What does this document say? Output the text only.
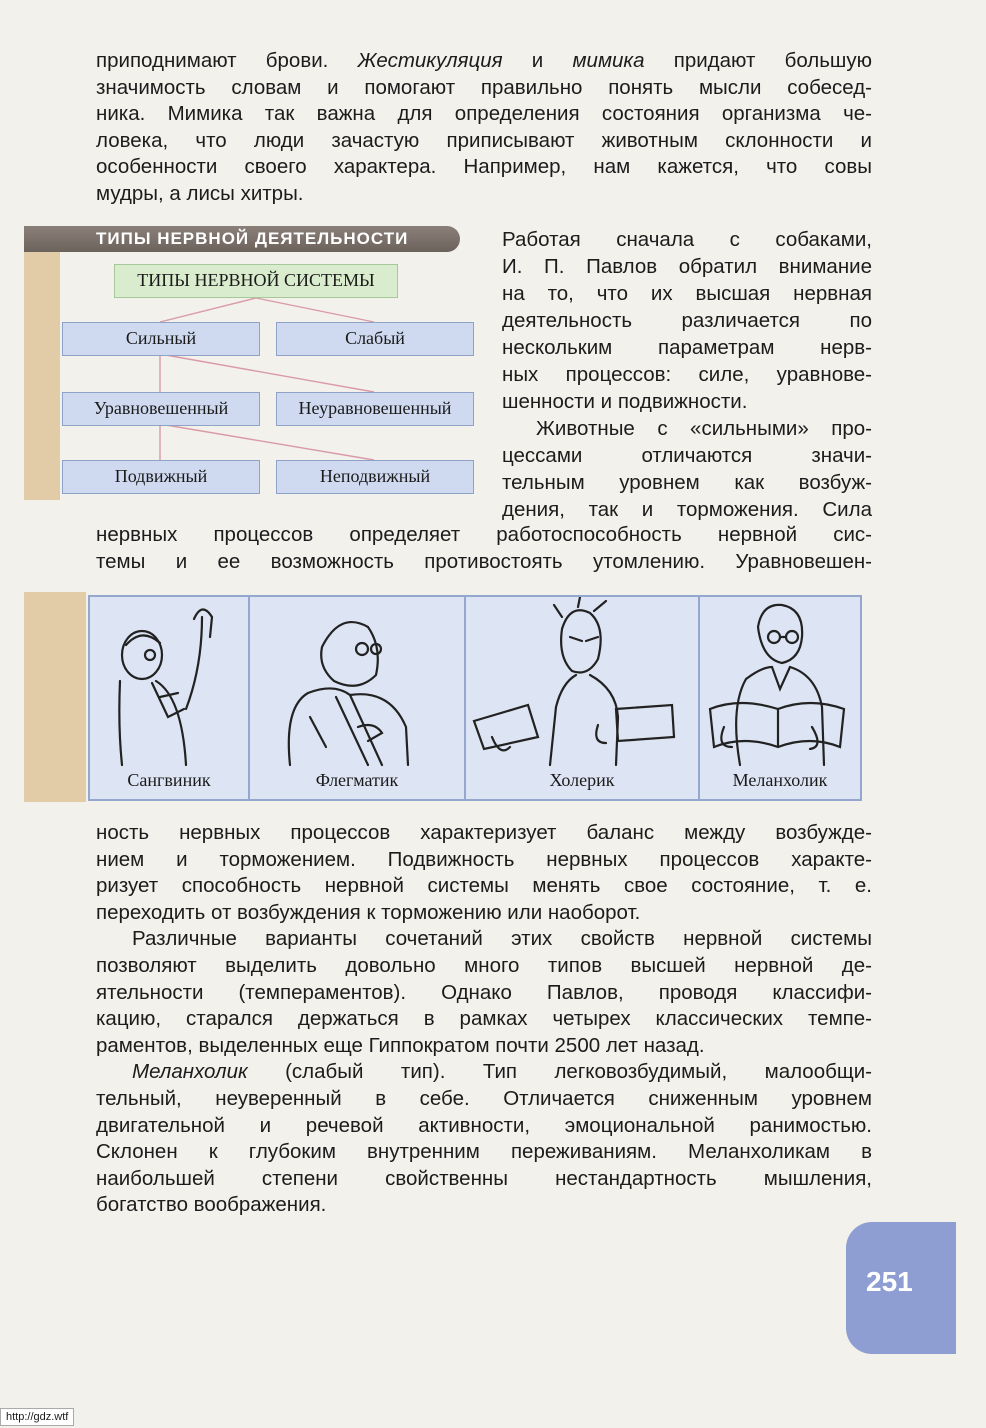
приподнимают брови. Жестикуляция и мимика придают большую
значимость словам и помогают правильно понять мысли собесед-
ника. Мимика так важна для определения состояния организма че-
ловека, что люди зачастую приписывают животным склонности и
особенности своего характера. Например, нам кажется, что совы
мудры, а лисы хитры.
ТИПЫ НЕРВНОЙ ДЕЯТЕЛЬНОСТИ
ТИПЫ НЕРВНОЙ СИСТЕМЫ
Сильный	Слабый
Уравновешенный	Неуравновешенный
Подвижный	Неподвижный
Работая сначала с собаками,
И. П. Павлов обратил внимание
на то, что их высшая нервная
деятельность различается по
нескольким параметрам нерв-
ных процессов: силе, уравнове-
шенности и подвижности.
Животные с «сильными» про-
цессами отличаются значи-
тельным уровнем как возбуж-
дения, так и торможения. Сила
нервных процессов определяет работоспособность нервной сис-
темы и ее возможность противостоять утомлению. Уравновешен-
Сангвиник	Флегматик	Холерик	Меланхолик
ность нервных процессов характеризует баланс между возбужде-
нием и торможением. Подвижность нервных процессов характе-
ризует способность нервной системы менять свое состояние, т. е.
переходить от возбуждения к торможению или наоборот.
Различные варианты сочетаний этих свойств нервной системы
позволяют выделить довольно много типов высшей нервной де-
ятельности (темпераментов). Однако Павлов, проводя классифи-
кацию, старался держаться в рамках четырех классических темпе-
раментов, выделенных еще Гиппократом почти 2500 лет назад.
Меланхолик (слабый тип). Тип легковозбудимый, малообщи-
тельный, неуверенный в себе. Отличается сниженным уровнем
двигательной и речевой активности, эмоциональной ранимостью.
Склонен к глубоким внутренним переживаниям. Меланхоликам в
наибольшей степени свойственны нестандартность мышления,
богатство воображения.
251
http://gdz.wtf
